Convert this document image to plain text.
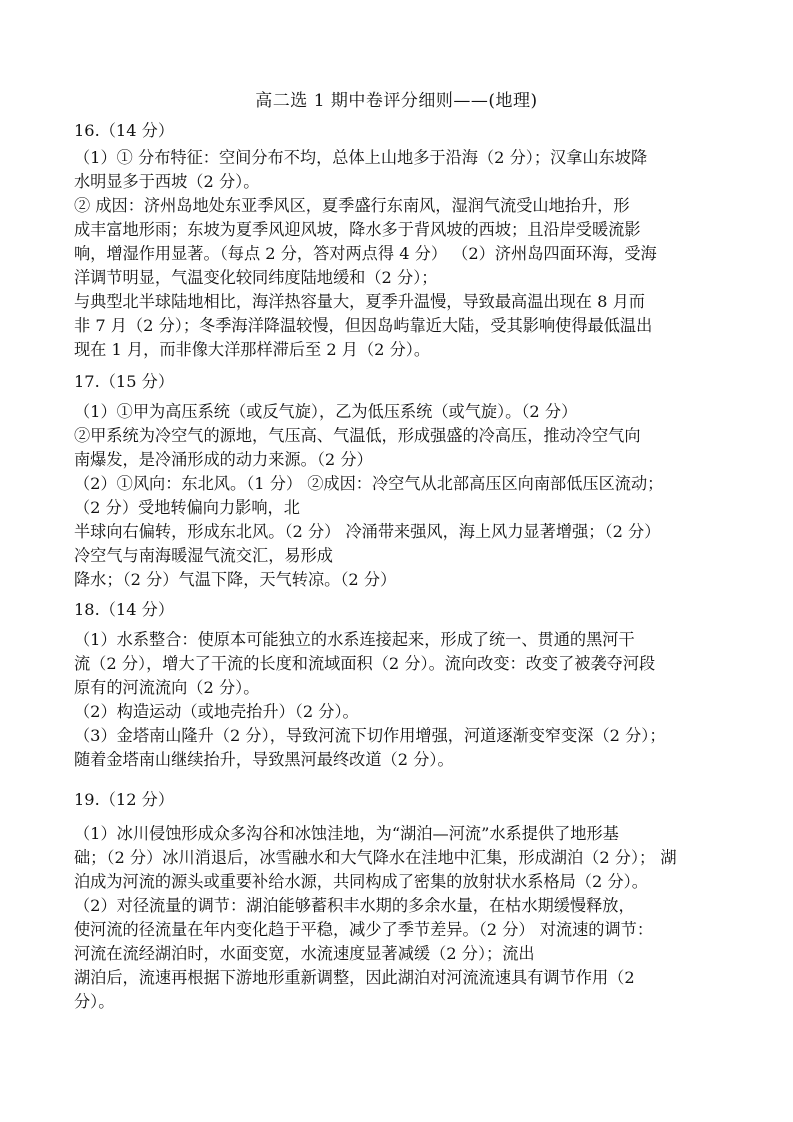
高二选 1 期中卷评分细则——(地理)
16.（14 分）
（1）① 分布特征：空间分布不均，总体上山地多于沿海（2 分）；汉拿山东坡降
水明显多于西坡（2 分）。
② 成因：济州岛地处东亚季风区，夏季盛行东南风，湿润气流受山地抬升，形
成丰富地形雨；东坡为夏季风迎风坡，降水多于背风坡的西坡；且沿岸受暖流影
响，增湿作用显著。（每点 2 分，答对两点得 4 分） （2）济州岛四面环海，受海
洋调节明显，气温变化较同纬度陆地缓和（2 分）；
与典型北半球陆地相比，海洋热容量大，夏季升温慢，导致最高温出现在 8 月而
非 7 月（2 分）；冬季海洋降温较慢，但因岛屿靠近大陆，受其影响使得最低温出
现在 1 月，而非像大洋那样滞后至 2 月（2 分）。
17.（15 分）
（1）①甲为高压系统（或反气旋），乙为低压系统（或气旋）。（2 分）
②甲系统为冷空气的源地，气压高、气温低，形成强盛的冷高压，推动冷空气向
南爆发，是冷涌形成的动力来源。（2 分）
（2）①风向：东北风。（1 分） ②成因：冷空气从北部高压区向南部低压区流动；
（2 分）受地转偏向力影响，北
半球向右偏转，形成东北风。（2 分） 冷涌带来强风，海上风力显著增强；（2 分）
冷空气与南海暖湿气流交汇，易形成
降水；（2 分）气温下降，天气转凉。（2 分）
18.（14 分）
（1）水系整合：使原本可能独立的水系连接起来，形成了统一、贯通的黑河干
流（2 分），增大了干流的长度和流域面积（2 分）。流向改变：改变了被袭夺河段
原有的河流流向（2 分）。
（2）构造运动（或地壳抬升）（2 分）。
（3）金塔南山隆升（2 分），导致河流下切作用增强，河道逐渐变窄变深（2 分）；
随着金塔南山继续抬升，导致黑河最终改道（2 分）。
19.（12 分）
（1）冰川侵蚀形成众多沟谷和冰蚀洼地，为“湖泊—河流”水系提供了地形基
础；（2 分）冰川消退后，冰雪融水和大气降水在洼地中汇集，形成湖泊（2 分）； 湖
泊成为河流的源头或重要补给水源，共同构成了密集的放射状水系格局（2 分）。
（2）对径流量的调节：湖泊能够蓄积丰水期的多余水量，在枯水期缓慢释放，
使河流的径流量在年内变化趋于平稳，减少了季节差异。（2 分） 对流速的调节：
河流在流经湖泊时，水面变宽，水流速度显著减缓（2 分）；流出
湖泊后，流速再根据下游地形重新调整，因此湖泊对河流流速具有调节作用（2
分）。
